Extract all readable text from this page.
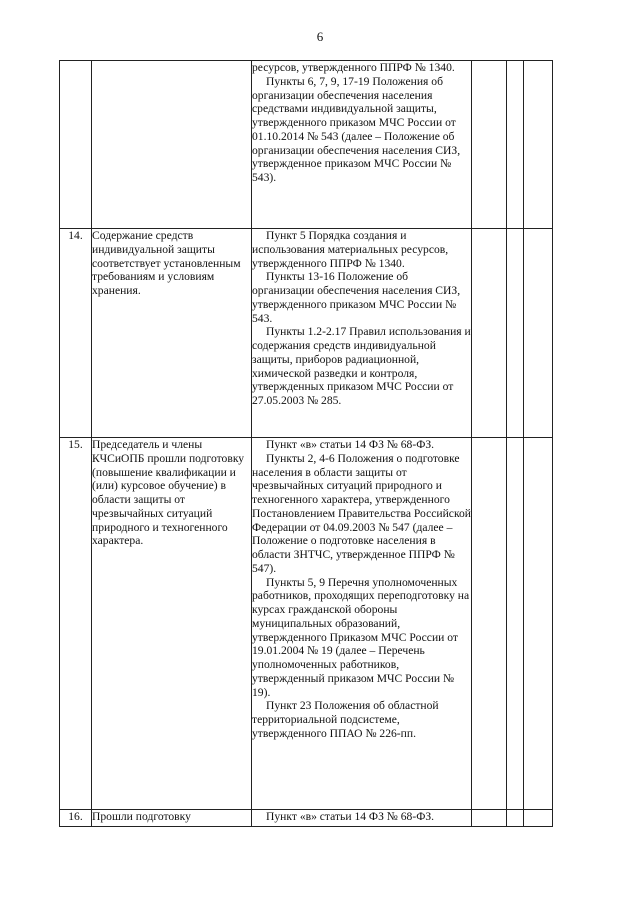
6

		ресурсов, утвержденного ППРФ № 1340.

Пункты 6, 7, 9, 17-19 Положения об организации обеспечения населения средствами индивидуальной защиты, утвержденного приказом МЧС России от 01.10.2014 № 543 (далее – Положение об организации обеспечения населения СИЗ, утвержденное приказом МЧС России № 543).			

14.	Содержание средств индивидуальной защиты соответствует установленным требованиям и условиям хранения.	Пункт 5 Порядка создания и использования материальных ресурсов, утвержденного ППРФ № 1340.

Пункты 13-16 Положение об организации обеспечения населения СИЗ, утвержденного приказом МЧС России № 543.

Пункты 1.2-2.17 Правил использования и содержания средств индивидуальной защиты, приборов радиационной, химической разведки и контроля, утвержденных приказом МЧС России от 27.05.2003 № 285.			

15.	Председатель и члены КЧСиОПБ прошли подготовку (повышение квалификации и (или) курсовое обучение) в области защиты от чрезвычайных ситуаций природного и техногенного характера.	Пункт «в» статьи 14 ФЗ № 68-ФЗ.

Пункты 2, 4-6 Положения о подготовке населения в области защиты от чрезвычайных ситуаций природного и техногенного характера, утвержденного Постановлением Правительства Российской Федерации от 04.09.2003 № 547 (далее – Положение о подготовке населения в области ЗНТЧС, утвержденное ППРФ № 547).

Пункты 5, 9 Перечня уполномоченных работников, проходящих переподготовку на курсах гражданской обороны муниципальных образований, утвержденного Приказом МЧС России от 19.01.2004 № 19 (далее – Перечень уполномоченных работников, утвержденный приказом МЧС России № 19).

Пункт 23 Положения об областной территориальной подсистеме, утвержденного ППАО № 226-пп.			

16.	Прошли подготовку	Пункт «в» статьи 14 ФЗ № 68-ФЗ.			
